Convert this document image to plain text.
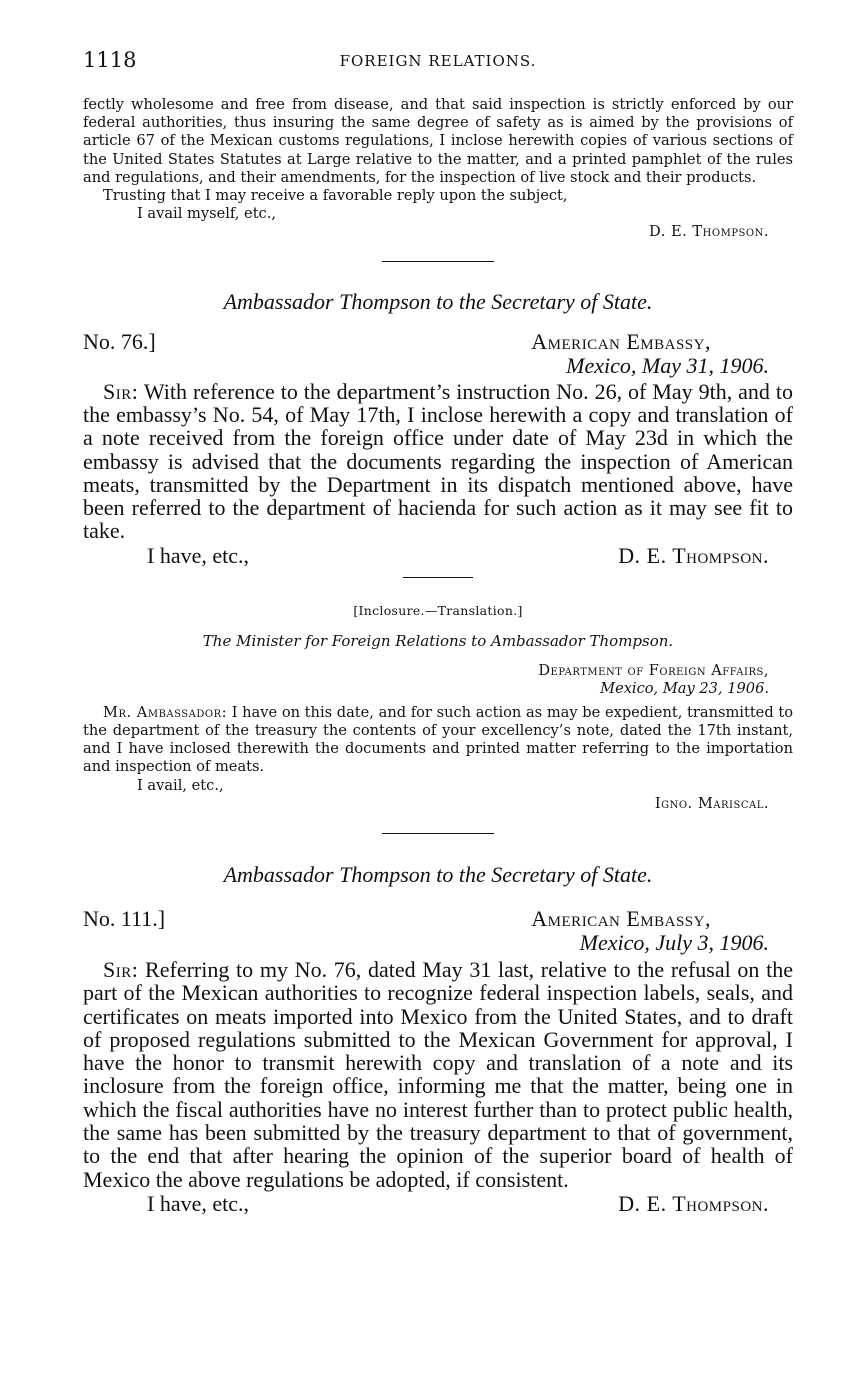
1118	FOREIGN RELATIONS.

fectly wholesome and free from disease, and that said inspection is strictly enforced by our federal authorities, thus insuring the same degree of safety as is aimed by the provisions of article 67 of the Mexican customs regulations, I inclose herewith copies of various sections of the United States Statutes at Large relative to the matter, and a printed pamphlet of the rules and regulations, and their amendments, for the inspection of live stock and their products.

Trusting that I may receive a favorable reply upon the subject,

I avail myself, etc.,

D. E. Thompson.

Ambassador Thompson to the Secretary of State.
No. 76.]	American Embassy,
Mexico, May 31, 1906.

Sir: With reference to the department’s instruction No. 26, of May 9th, and to the embassy’s No. 54, of May 17th, I inclose herewith a copy and translation of a note received from the foreign office under date of May 23d in which the embassy is advised that the documents regarding the inspection of American meats, transmitted by the Department in its dispatch mentioned above, have been referred to the department of hacienda for such action as it may see fit to take.

I have, etc.,	D. E. Thompson.
[Inclosure.—Translation.]
The Minister for Foreign Relations to Ambassador Thompson.
Department of Foreign Affairs,
Mexico, May 23, 1906.

Mr. Ambassador: I have on this date, and for such action as may be expedient, transmitted to the department of the treasury the contents of your excellency’s note, dated the 17th instant, and I have inclosed therewith the documents and printed matter referring to the importation and inspection of meats.

I avail, etc.,

Igno. Mariscal.

Ambassador Thompson to the Secretary of State.
No. 111.]	American Embassy,
Mexico, July 3, 1906.

Sir: Referring to my No. 76, dated May 31 last, relative to the refusal on the part of the Mexican authorities to recognize federal inspection labels, seals, and certificates on meats imported into Mexico from the United States, and to draft of proposed regulations submitted to the Mexican Government for approval, I have the honor to transmit herewith copy and translation of a note and its inclosure from the foreign office, informing me that the matter, being one in which the fiscal authorities have no interest further than to protect public health, the same has been submitted by the treasury department to that of government, to the end that after hearing the opinion of the superior board of health of Mexico the above regulations be adopted, if consistent.

I have, etc.,	D. E. Thompson.
